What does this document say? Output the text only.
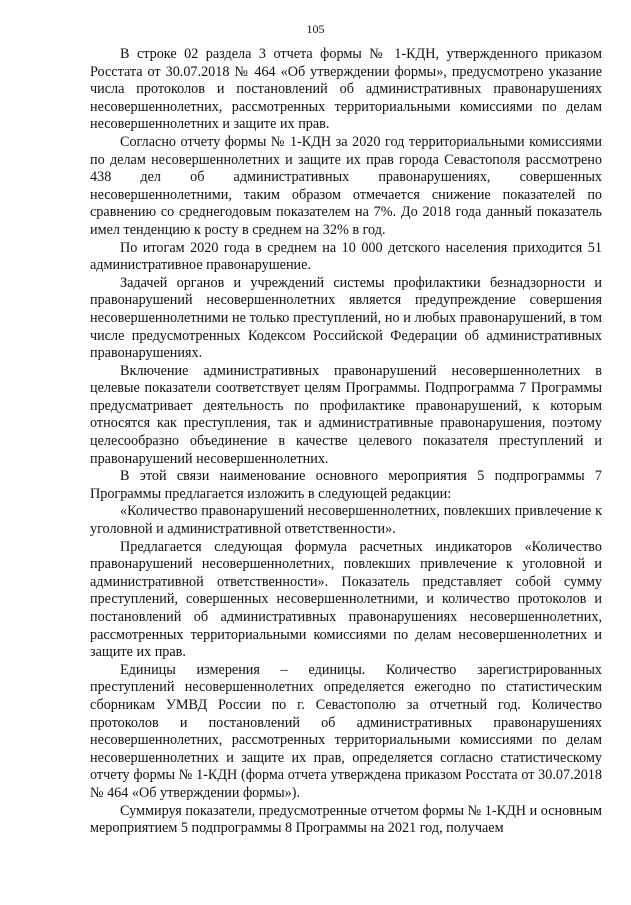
105

В строке 02 раздела 3 отчета формы № 1-КДН, утвержденного приказом Росстата от 30.07.2018 № 464 «Об утверждении формы», предусмотрено указание числа протоколов и постановлений об административных правонарушениях несовершеннолетних, рассмотренных территориальными комиссиями по делам несовершеннолетних и защите их прав.

Согласно отчету формы № 1-КДН за 2020 год территориальными комиссиями по делам несовершеннолетних и защите их прав города Севастополя рассмотрено 438 дел об административных правонарушениях, совершенных несовершеннолетними, таким образом отмечается снижение показателей по сравнению со среднегодовым показателем на 7%. До 2018 года данный показатель имел тенденцию к росту в среднем на 32% в год.

По итогам 2020 года в среднем на 10 000 детского населения приходится 51 административное правонарушение.

Задачей органов и учреждений системы профилактики безнадзорности и правонарушений несовершеннолетних является предупреждение совершения несовершеннолетними не только преступлений, но и любых правонарушений, в том числе предусмотренных Кодексом Российской Федерации об административных правонарушениях.

Включение административных правонарушений несовершеннолетних в целевые показатели соответствует целям Программы. Подпрограмма 7 Программы предусматривает деятельность по профилактике правонарушений, к которым относятся как преступления, так и административные правонарушения, поэтому целесообразно объединение в качестве целевого показателя преступлений и правонарушений несовершеннолетних.

В этой связи наименование основного мероприятия 5 подпрограммы 7 Программы предлагается изложить в следующей редакции:

«Количество правонарушений несовершеннолетних, повлекших привлечение к уголовной и административной ответственности».

Предлагается следующая формула расчетных индикаторов «Количество правонарушений несовершеннолетних, повлекших привлечение к уголовной и административной ответственности». Показатель представляет собой сумму преступлений, совершенных несовершеннолетними, и количество протоколов и постановлений об административных правонарушениях несовершеннолетних, рассмотренных территориальными комиссиями по делам несовершеннолетних и защите их прав.

Единицы измерения – единицы. Количество зарегистрированных преступлений несовершеннолетних определяется ежегодно по статистическим сборникам УМВД России по г. Севастополю за отчетный год. Количество протоколов и постановлений об административных правонарушениях несовершеннолетних, рассмотренных территориальными комиссиями по делам несовершеннолетних и защите их прав, определяется согласно статистическому отчету формы № 1-КДН (форма отчета утверждена приказом Росстата от 30.07.2018 № 464 «Об утверждении формы»).

Суммируя показатели, предусмотренные отчетом формы № 1-КДН и основным мероприятием 5 подпрограммы 8 Программы на 2021 год, получаем
